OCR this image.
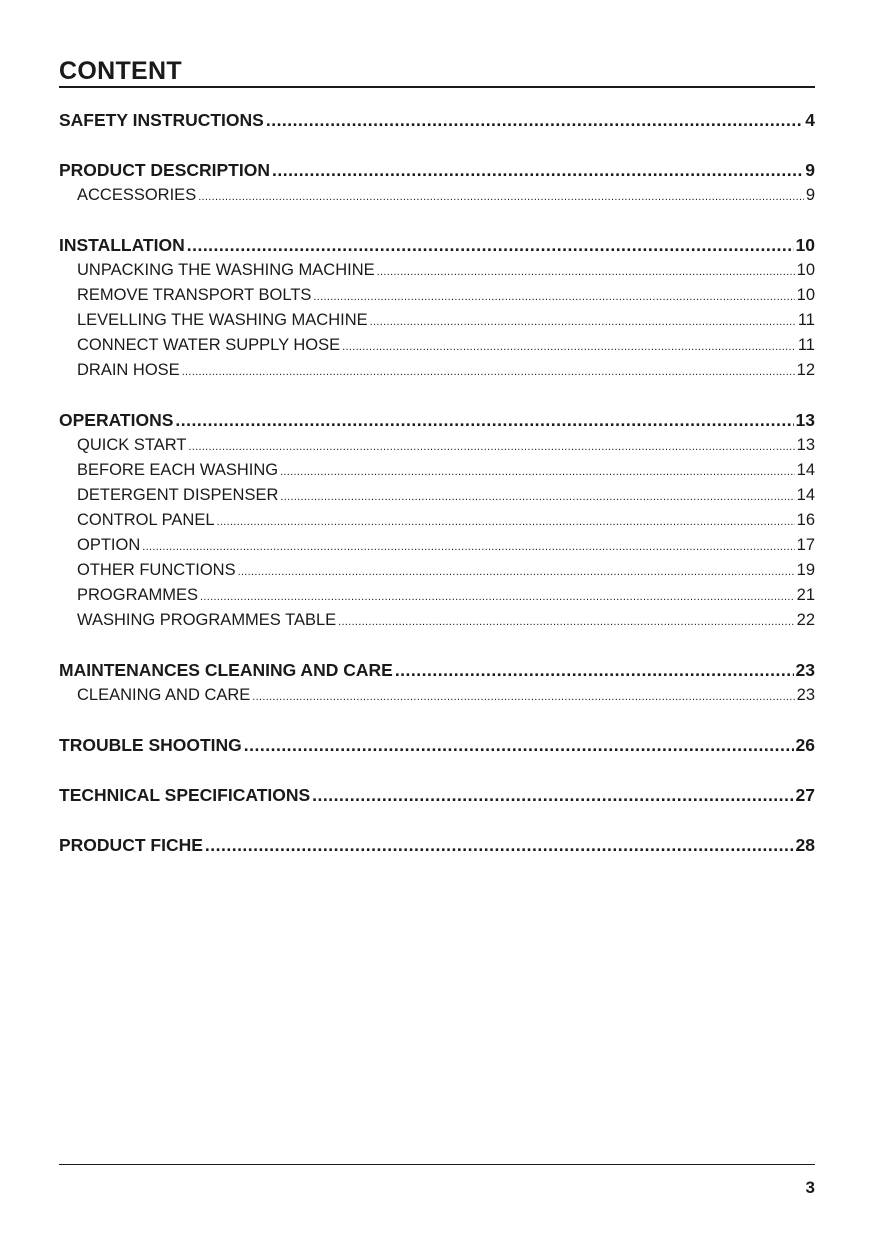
CONTENT
SAFETY INSTRUCTIONS .....	4
PRODUCT DESCRIPTION .....	9
ACCESSORIES .....	9
INSTALLATION .....	10
UNPACKING THE WASHING MACHINE .....	10
REMOVE TRANSPORT BOLTS .....	10
LEVELLING THE WASHING MACHINE .....	11
CONNECT WATER SUPPLY HOSE .....	11
DRAIN HOSE .....	12
OPERATIONS .....	13
QUICK START .....	13
BEFORE EACH WASHING .....	14
DETERGENT DISPENSER .....	14
CONTROL PANEL .....	16
OPTION .....	17
OTHER FUNCTIONS .....	19
PROGRAMMES .....	21
WASHING PROGRAMMES TABLE .....	22
MAINTENANCES CLEANING AND CARE .....	23
CLEANING AND CARE .....	23
TROUBLE SHOOTING .....	26
TECHNICAL SPECIFICATIONS .....	27
PRODUCT FICHE .....	28
3
